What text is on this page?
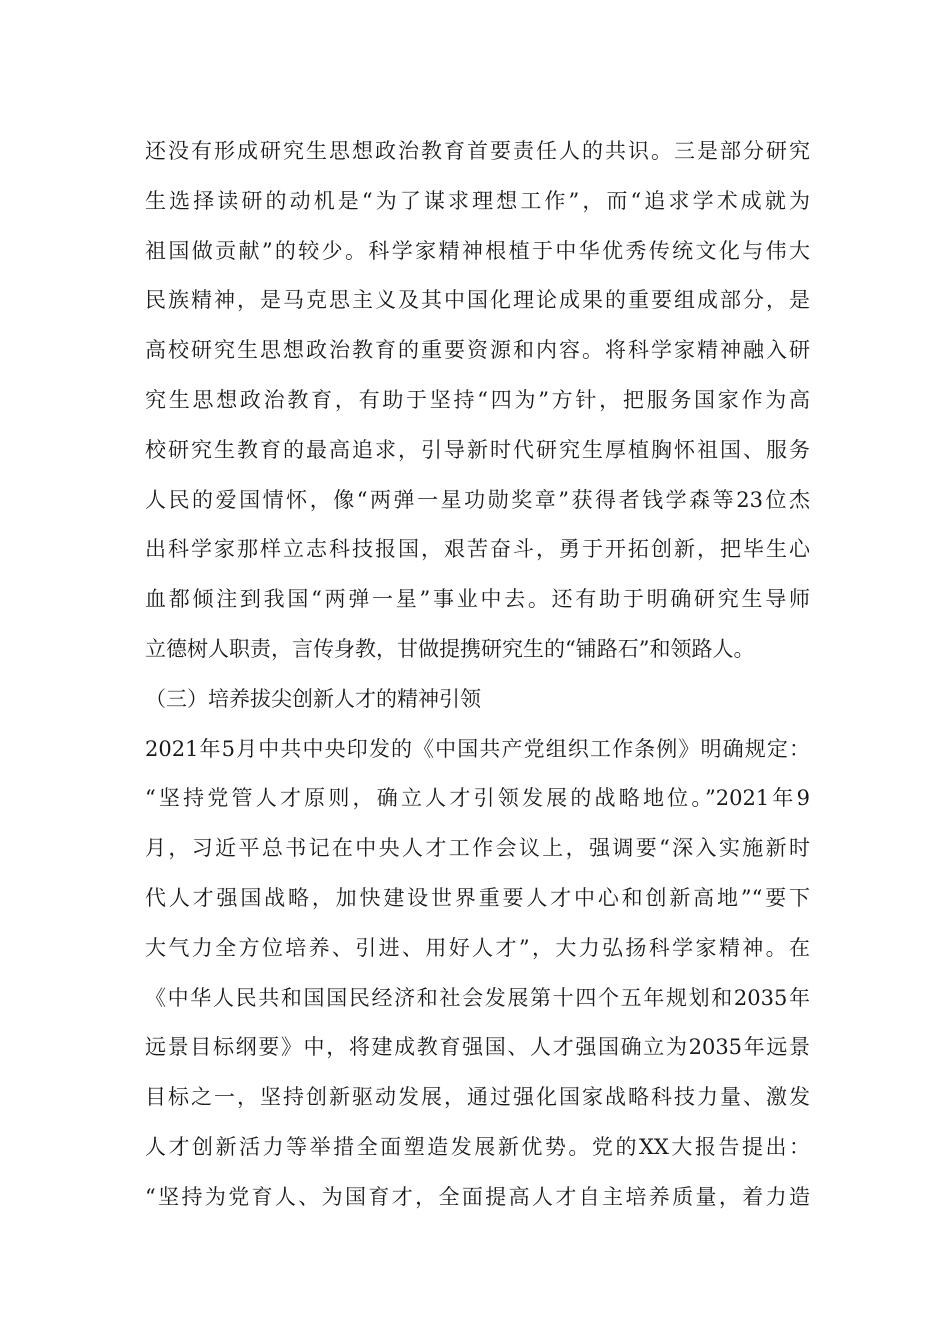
还没有形成研究生思想政治教育首要责任人的共识。三是部分研究
生选择读研的动机是“为了谋求理想工作”，而“追求学术成就为
祖国做贡献”的较少。科学家精神根植于中华优秀传统文化与伟大
民族精神，是马克思主义及其中国化理论成果的重要组成部分，是
高校研究生思想政治教育的重要资源和内容。将科学家精神融入研
究生思想政治教育，有助于坚持“四为”方针，把服务国家作为高
校研究生教育的最高追求，引导新时代研究生厚植胸怀祖国、服务
人民的爱国情怀，像“两弹一星功勋奖章”获得者钱学森等23位杰
出科学家那样立志科技报国，艰苦奋斗，勇于开拓创新，把毕生心
血都倾注到我国“两弹一星”事业中去。还有助于明确研究生导师
立德树人职责，言传身教，甘做提携研究生的“铺路石”和领路人。
（三）培养拔尖创新人才的精神引领
2021年5月中共中央印发的《中国共产党组织工作条例》明确规定：
“坚持党管人才原则，确立人才引领发展的战略地位。”2021年9
月，习近平总书记在中央人才工作会议上，强调要“深入实施新时
代人才强国战略，加快建设世界重要人才中心和创新高地”“要下
大气力全方位培养、引进、用好人才”，大力弘扬科学家精神。在
《中华人民共和国国民经济和社会发展第十四个五年规划和2035年
远景目标纲要》中，将建成教育强国、人才强国确立为2035年远景
目标之一，坚持创新驱动发展，通过强化国家战略科技力量、激发
人才创新活力等举措全面塑造发展新优势。党的XX大报告提出：
“坚持为党育人、为国育才，全面提高人才自主培养质量，着力造
